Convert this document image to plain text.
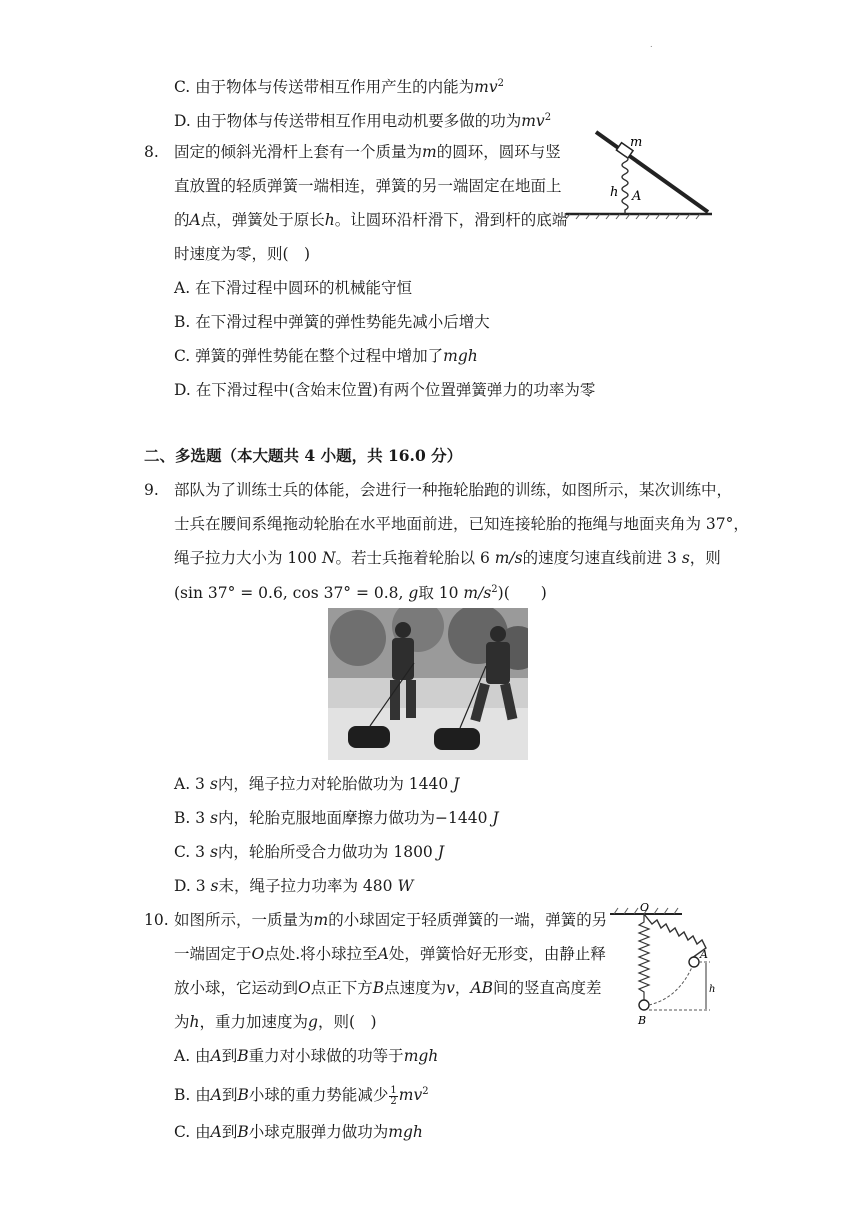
.
C. 由于物体与传送带相互作用产生的内能为$mv^2$
D. 由于物体与传送带相互作用电动机要多做的功为$mv^2$
8. 固定的倾斜光滑杆上套有一个质量为m的圆环，圆环与竖
直放置的轻质弹簧一端相连，弹簧的另一端固定在地面上
的A点，弹簧处于原长h。让圆环沿杆滑下，滑到杆的底端
时速度为零，则(　)
A. 在下滑过程中圆环的机械能守恒
B. 在下滑过程中弹簧的弹性势能先减小后增大
C. 弹簧的弹性势能在整个过程中增加了mgh
D. 在下滑过程中(含始末位置)有两个位置弹簧弹力的功率为零
h
m
A
二、多选题（本大题共 4 小题，共 16.0 分）
9. 部队为了训练士兵的体能，会进行一种拖轮胎跑的训练，如图所示，某次训练中，
士兵在腰间系绳拖动轮胎在水平地面前进，已知连接轮胎的拖绳与地面夹角为 37°，
绳子拉力大小为 100 N。若士兵拖着轮胎以 6 m/s的速度匀速直线前进 3 s，则
(sin 37° = 0.6, cos 37° = 0.8, g取 10 $m/s^2$)(　　)
A. 3 s内，绳子拉力对轮胎做功为 1440 J
B. 3 s内，轮胎克服地面摩擦力做功为−1440 J
C. 3 s内，轮胎所受合力做功为 1800 J
D. 3 s末，绳子拉力功率为 480 W
10. 如图所示，一质量为m的小球固定于轻质弹簧的一端，弹簧的另
一端固定于O点处.将小球拉至A处，弹簧恰好无形变，由静止释
放小球，它运动到O点正下方B点速度为v，AB间的竖直高度差
为h，重力加速度为g，则(　)
A. 由A到B重力对小球做的功等于mgh
B. 由A到B小球的重力势能减少 $\frac{1}{2} mv^2$
C. 由A到B小球克服弹力做功为mgh
O
A
B
h
